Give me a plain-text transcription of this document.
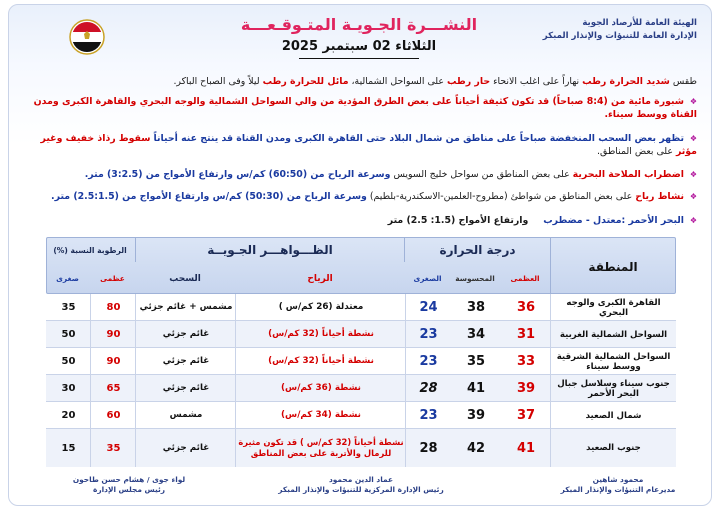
الهيئة العامة للأرصاد الجوية
الإدارة العامة للتنبؤات والإنذار المبكر
النشـــرة الجـويـة المتـوقـعـــة
الثلاثاء 02 سبتمبر 2025
طقس شديد الحرارة رطب نهاراً على اغلب الانحاء حار رطب على السواحل الشمالية، مائل للحرارة رطب ليلاً وفى الصباح الباكر.
❖ شبورة مائية من (8:4 صباحاً) قد تكون كثيفة أحياناً على بعض الطرق المؤدية من والي السواحل الشمالية والوجه البحري والقاهرة الكبرى ومدن القناة ووسط سيناء.
❖ تظهر بعض السحب المنخفضة صباحاً على مناطق من شمال البلاد حتى القاهرة الكبرى ومدن القناة قد ينتج عنه أحياناً سقوط رذاذ خفيف وغير مؤثر على بعض المناطق.
❖ اضطراب الملاحة البحرية على بعض المناطق من سواحل خليج السويس وسرعة الرياح من (60:50) كم/س وارتفاع الأمواج من (3:2.5) متر.
❖ نشاط رياح على بعض المناطق من شواطئ (مطروح-العلمين-الاسكندرية-بلطيم) وسرعة الرياح من (50:30) كم/س وارتفاع الأمواج من (2.5:1.5) متر.
❖ البحر الأحمر :معتدل - مضطرب     وارتفاع الأمواج (1.5: 2.5) متر
المنطقة
درجة الحرارة
الظـــواهـــر الجـويــة
الرطوبة النسبة (%)
العظمى
المحسوسة
الصغرى
الرياح
السحب
عظمى
صغرى
القاهرة الكبرى والوجه البحري
36
38
24
معتدلة (26 كم/س )
مشمس + غائم جزئي
80
35
السواحل الشمالية الغربية
31
34
23
نشطة أحياناً (32 كم/س)
غائم جزئي
90
50
السواحل الشمالية الشرقية ووسط سيناء
33
35
23
نشطة أحياناً (32 كم/س)
غائم جزئي
90
50
جنوب سيناء وسلاسل جبال البحر الأحمر
39
41
28
نشطة (36 كم/س)
غائم جزئي
65
30
شمال الصعيد
37
39
23
نشطة (34 كم/س)
مشمس
60
20
جنوب الصعيد
41
42
28
نشطة أحياناً (32 كم/س ) قد تكون مثيرة للرمال والأتربة على بعض المناطق
غائم جزئي
35
15
محمود شاهين
مديرعام التنبؤات والإنذار المبكر
عماد الدين محمود
رئيس الإدارة المركزية للتنبؤات والإنذار المبكر
لواء جوى / هشام حسن طاحون
رئيس مجلس الإدارة
